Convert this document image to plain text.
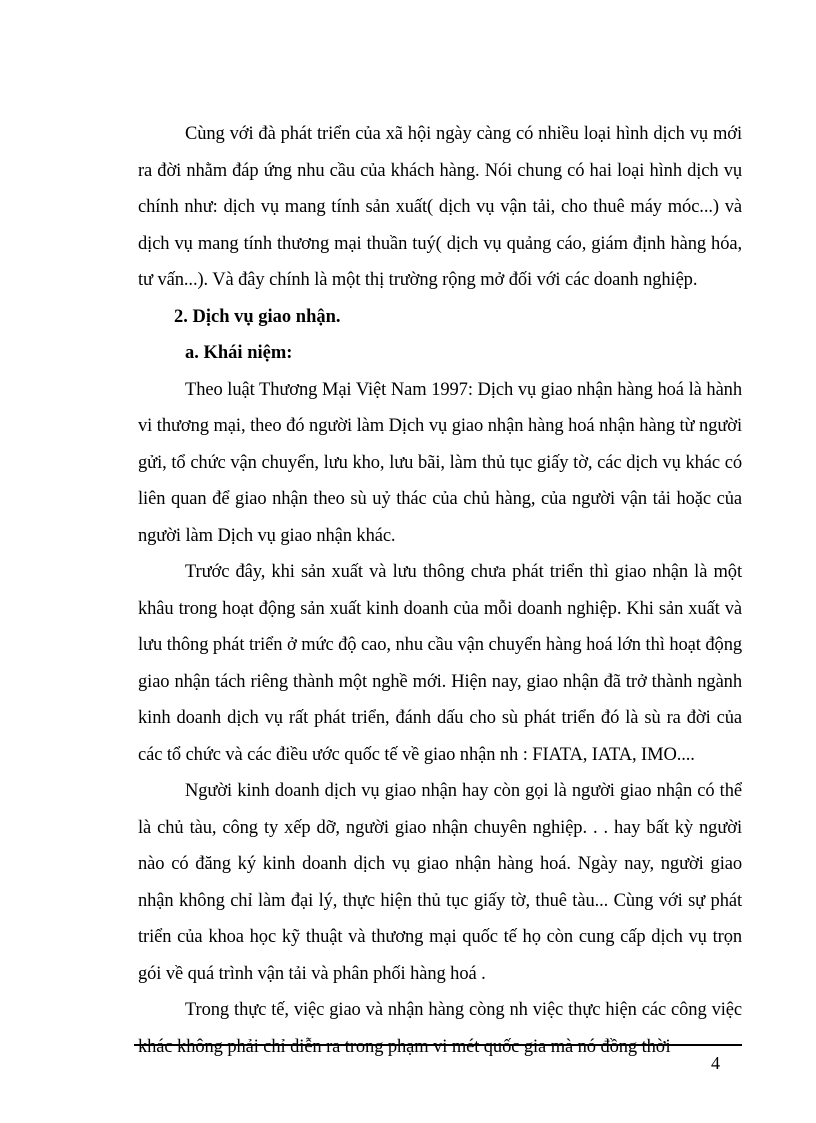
Cùng với đà phát triển của xã hội ngày càng có nhiều loại hình dịch vụ mới ra đời nhằm đáp ứng nhu cầu của khách hàng. Nói chung có hai loại hình dịch vụ chính như: dịch vụ mang tính sản xuất( dịch vụ vận tải, cho thuê máy móc...) và dịch vụ mang tính thương mại thuần tuý( dịch vụ quảng cáo, giám định hàng hóa, tư vấn...). Và đây chính là một thị trường rộng mở đối với các doanh nghiệp.

2. Dịch vụ giao nhận.

a. Khái niệm:

Theo luật Thương Mại Việt Nam 1997: Dịch vụ giao nhận hàng hoá là hành vi thương mại, theo đó người làm Dịch vụ giao nhận hàng hoá nhận hàng từ người gửi, tổ chức vận chuyển, lưu kho, lưu bãi, làm thủ tục giấy tờ, các dịch vụ khác có liên quan để giao nhận theo sù uỷ thác của chủ hàng, của người vận tải hoặc của người làm Dịch vụ giao nhận khác.

Trước đây, khi sản xuất và lưu thông chưa phát triển thì giao nhận là một khâu trong hoạt động sản xuất kinh doanh của mỗi doanh nghiệp. Khi sản xuất và lưu thông phát triển ở mức độ cao, nhu cầu vận chuyển hàng hoá lớn thì hoạt động giao nhận tách riêng thành một nghề mới. Hiện nay, giao nhận đã trở thành ngành kinh doanh dịch vụ rất phát triển, đánh dấu cho sù phát triển đó là sù ra đời của các tổ chức và các điều ước quốc tế về giao nhận nh : FIATA, IATA, IMO....

Người kinh doanh dịch vụ giao nhận hay còn gọi là người giao nhận có thể là chủ tàu, công ty xếp dỡ, người giao nhận chuyên nghiệp. . . hay bất kỳ người nào có đăng ký kinh doanh dịch vụ giao nhận hàng hoá. Ngày nay, người giao nhận không chỉ làm đại lý, thực hiện thủ tục giấy tờ, thuê tàu... Cùng với sự phát triển của khoa học kỹ thuật và thương mại quốc tế họ còn cung cấp dịch vụ trọn gói về quá trình vận tải và phân phối hàng hoá .

Trong thực tế, việc giao và nhận hàng còng nh việc thực hiện các công việc khác không phải chỉ diễn ra trong phạm vi mét quốc gia mà nó đồng thời

4
